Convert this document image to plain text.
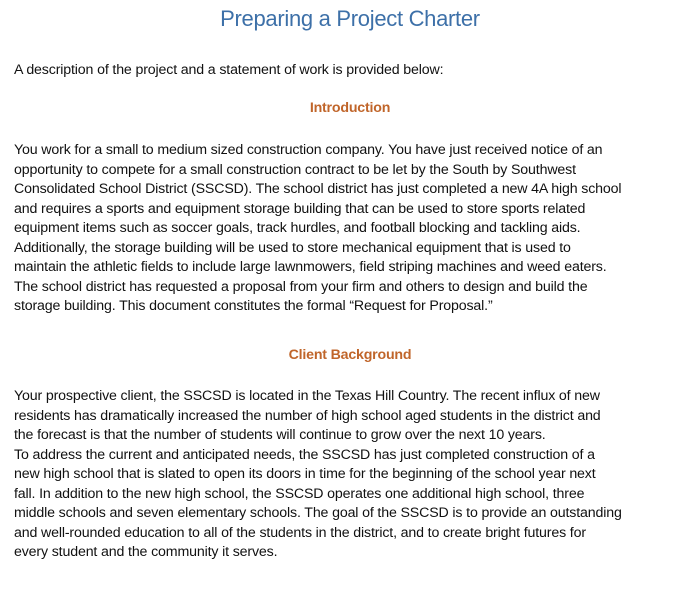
Preparing a Project Charter
A description of the project and a statement of work is provided below:
Introduction
You work for a small to medium sized construction company. You have just received notice of an
opportunity to compete for a small construction contract to be let by the South by Southwest
Consolidated School District (SSCSD). The school district has just completed a new 4A high school
and requires a sports and equipment storage building that can be used to store sports related
equipment items such as soccer goals, track hurdles, and football blocking and tackling aids.
Additionally, the storage building will be used to store mechanical equipment that is used to
maintain the athletic fields to include large lawnmowers, field striping machines and weed eaters.
The school district has requested a proposal from your firm and others to design and build the
storage building. This document constitutes the formal “Request for Proposal.”
Client Background
Your prospective client, the SSCSD is located in the Texas Hill Country. The recent influx of new
residents has dramatically increased the number of high school aged students in the district and
the forecast is that the number of students will continue to grow over the next 10 years.
To address the current and anticipated needs, the SSCSD has just completed construction of a
new high school that is slated to open its doors in time for the beginning of the school year next
fall. In addition to the new high school, the SSCSD operates one additional high school, three
middle schools and seven elementary schools. The goal of the SSCSD is to provide an outstanding
and well-rounded education to all of the students in the district, and to create bright futures for
every student and the community it serves.
